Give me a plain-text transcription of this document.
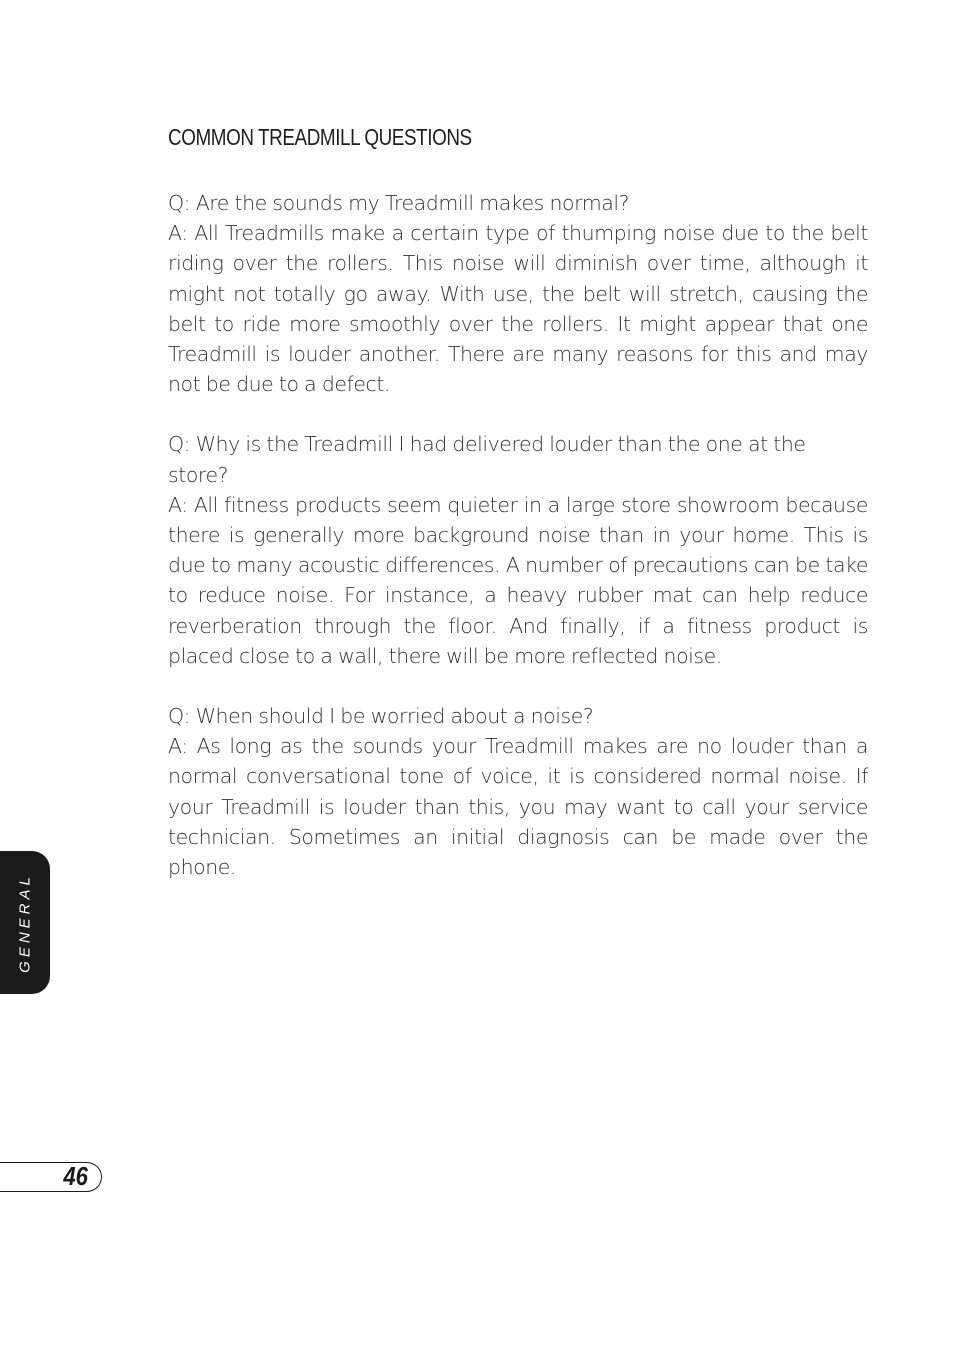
COMMON TREADMILL QUESTIONS

Q: Are the sounds my Treadmill makes normal?

A: All Treadmills make a certain type of thumping noise due to the belt riding over the rollers. This noise will diminish over time, although it might not totally go away. With use, the belt will stretch, causing the belt to ride more smoothly over the rollers. It might appear that one Treadmill is louder another. There are many reasons for this and may not be due to a defect.

Q: Why is the Treadmill I had delivered louder than the one at the store?

A: All fitness products seem quieter in a large store showroom because there is generally more background noise than in your home. This is due to many acoustic differences. A number of precautions can be take to reduce noise. For instance, a heavy rubber mat can help reduce reverberation through the floor. And finally, if a fitness product is placed close to a wall, there will be more reflected noise.

Q: When should I be worried about a noise?

A: As long as the sounds your Treadmill makes are no louder than a normal conversational tone of voice, it is considered normal noise. If your Treadmill is louder than this, you may want to call your service technician. Sometimes an initial diagnosis can be made over the phone.

GENERAL
46
